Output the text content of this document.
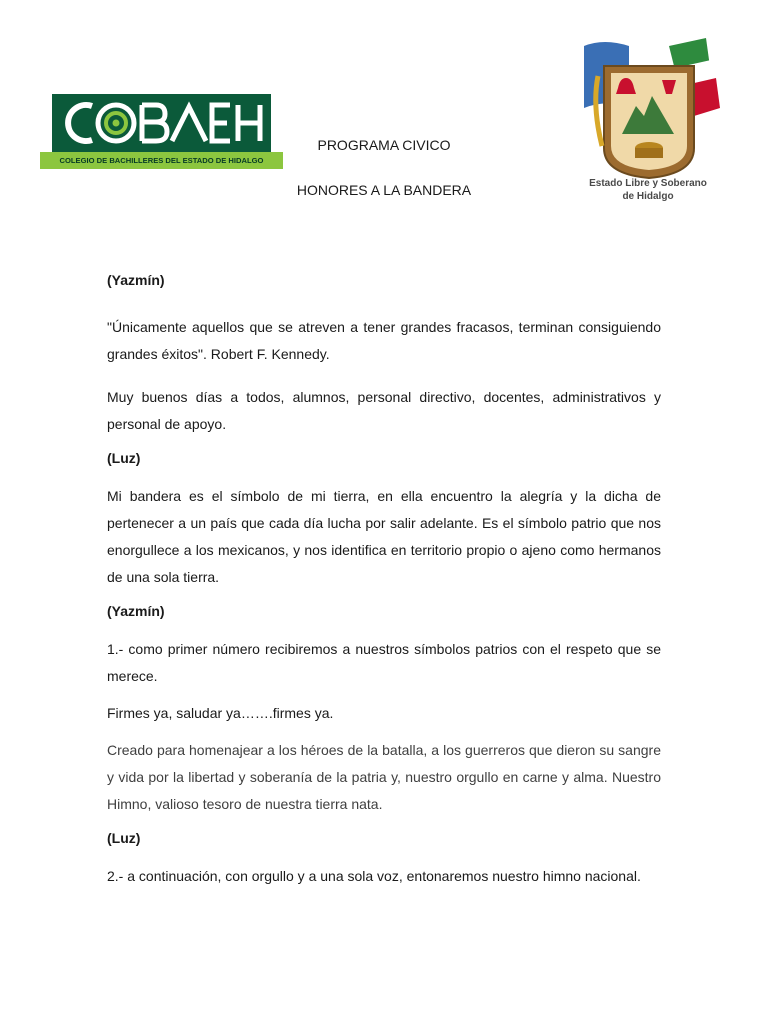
COLEGIO DE BACHILLERES DEL ESTADO DE HIDALGO
PROGRAMA CIVICO
HONORES A LA BANDERA	Estado Libre y Soberano
de Hidalgo

(Yazmín)

"Únicamente aquellos que se atreven a tener grandes fracasos, terminan consiguiendo grandes éxitos". Robert F. Kennedy.

Muy buenos días a todos, alumnos, personal directivo, docentes, administrativos y personal de apoyo.

(Luz)

Mi bandera es el símbolo de mi tierra, en ella encuentro la alegría y la dicha de pertenecer a un país que cada día lucha por salir adelante. Es el símbolo patrio que nos enorgullece a los mexicanos, y nos identifica en territorio propio o ajeno como hermanos de una sola tierra.

(Yazmín)

1.- como primer número recibiremos a nuestros símbolos patrios con el respeto que se merece.

Firmes ya, saludar ya…….firmes ya.

Creado para homenajear a los héroes de la batalla, a los guerreros que dieron su sangre y vida por la libertad y soberanía de la patria y, nuestro orgullo en carne y alma. Nuestro Himno, valioso tesoro de nuestra tierra nata.

(Luz)

2.- a continuación, con orgullo y a una sola voz, entonaremos nuestro himno nacional.
